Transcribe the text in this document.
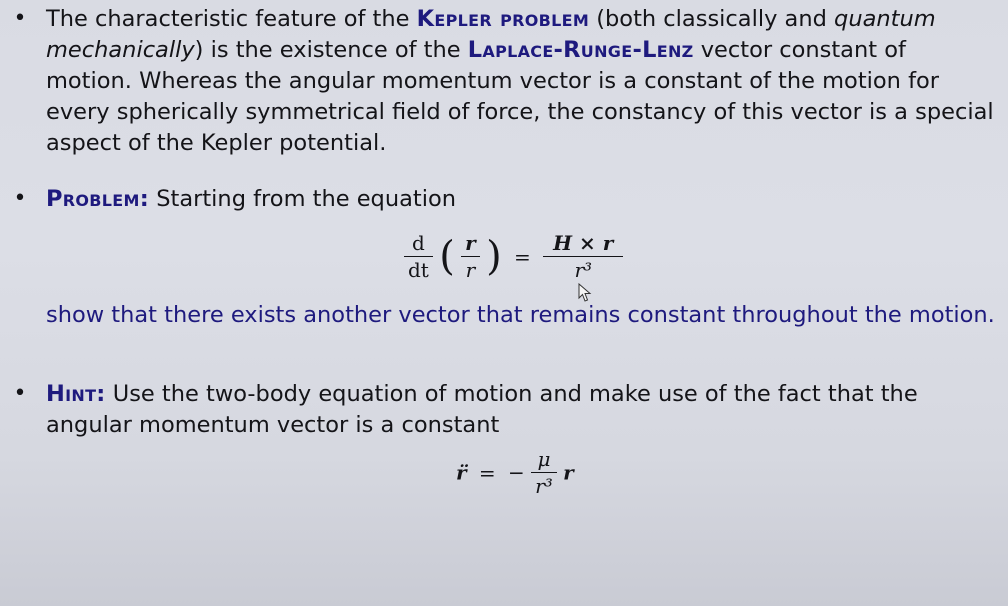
• The characteristic feature of the Kepler problem (both classically and quantum mechanically) is the existence of the Laplace-Runge-Lenz vector constant of motion. Whereas the angular momentum vector is a constant of the motion for every spherically symmetrical field of force, the constancy of this vector is a special aspect of the Kepler potential.
• Problem: Starting from the equation
$\frac{d}{dt}$ ( $\frac{r}{r}$ ) = $\frac{H \times r}{\text{r³}}$
show that there exists another vector that remains constant throughout the motion.
• Hint: Use the two-body equation of motion and make use of the fact that the angular momentum vector is a constant
r̈ = − $\frac{\mu}{\text{r³}}$ r
